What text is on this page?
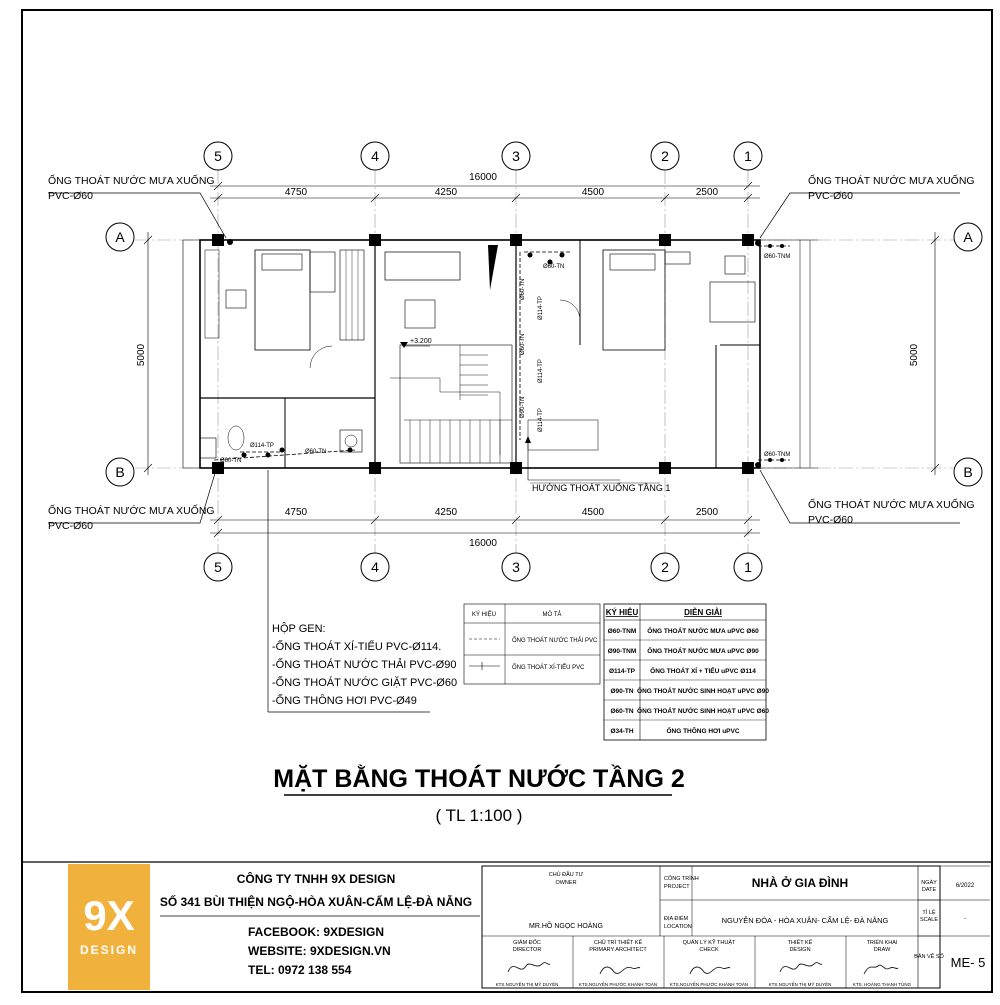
5	4	3	2	1
5	4	3	2	1
A	A
B	B
16000
4750	4250	4500	2500
4750	4250	4500	2500
16000
5000	5000
Ø60-TNM
Ø60-TNM
Ø60-TN
Ø60-TN
Ø60-TN
Ø114-TP
Ø114-TP
Ø114-TP
Ø114-TP
Ø60-TN
Ø60-TN
Ø90-TN
+3.200
HƯỚNG THOÁT XUỐNG TẦNG 1
ỐNG THOÁT NƯỚC MƯA XUỐNG
PVC-Ø60
ỐNG THOÁT NƯỚC MƯA XUỐNG
PVC-Ø60
ỐNG THOÁT NƯỚC MƯA XUỐNG
PVC-Ø60
ỐNG THOÁT NƯỚC MƯA XUỐNG
PVC-Ø60
HỘP GEN:
-ỐNG THOÁT XÍ-TIỂU PVC-Ø114.
-ỐNG THOÁT NƯỚC THẢI PVC-Ø90
-ỐNG THOÁT NƯỚC GIẶT PVC-Ø60
-ỐNG THÔNG HƠI PVC-Ø49
KÝ HIỆU	MÔ TẢ
ỐNG THOÁT NƯỚC THẢI PVC
ỐNG THOÁT XÍ-TIỂU PVC
KÝ HIỆU	DIỄN GIẢI
Ø60-TNM ỐNG THOÁT NƯỚC MƯA uPVC Ø60
Ø90-TNM ỐNG THOÁT NƯỚC MƯA uPVC Ø90
Ø114-TP ỐNG THOÁT XÍ + TIỂU uPVC Ø114
Ø90-TN ỐNG THOÁT NƯỚC SINH HOẠT uPVC Ø90
Ø60-TN ỐNG THOÁT NƯỚC SINH HOẠT uPVC Ø60
Ø34-TH	ỐNG THÔNG HƠI uPVC
MẶT BẰNG THOÁT NƯỚC TẦNG 2
( TL 1:100 )
9X
DESIGN
CÔNG TY TNHH 9X DESIGN
SỐ 341 BÙI THIỆN NGỘ-HÒA XUÂN-CẨM LỆ-ĐÀ NẴNG
FACEBOOK: 9XDESIGN
WEBSITE: 9XDESIGN.VN
TEL: 0972 138 554
CHỦ ĐẦU TƯ
OWNER
MR.HỒ NGỌC HOÀNG
CÔNG TRÌNH
PROJECT	NHÀ Ở GIA ĐÌNH
ĐỊA ĐIỂM
LOCATION
NGUYỄN ĐÓA - HÒA XUÂN- CẨM LỆ- ĐÀ NẴNG
NGÀY
DATE
6/2022
TỈ LỆ
SCALE	-
BẢN VẼ SỐ ME- 5
GIÁM ĐỐC
DIRECTOR
KTS.NGUYỄN THỊ MỸ DUYÊN
CHỦ TRÌ THIẾT KẾ
PRIMARY ARCHITECT
KTS.NGUYỄN PHƯỚC KHÁNH TOÀN
QUẢN LÝ KỸ THUẬT
CHECK
KTS.NGUYỄN PHƯỚC KHÁNH TOÀN
THIẾT KẾ
DESIGN
KTS.NGUYỄN THỊ MỸ DUYÊN
TRIỂN KHAI
DRAW
KTS. HOÀNG THANH TÙNG
